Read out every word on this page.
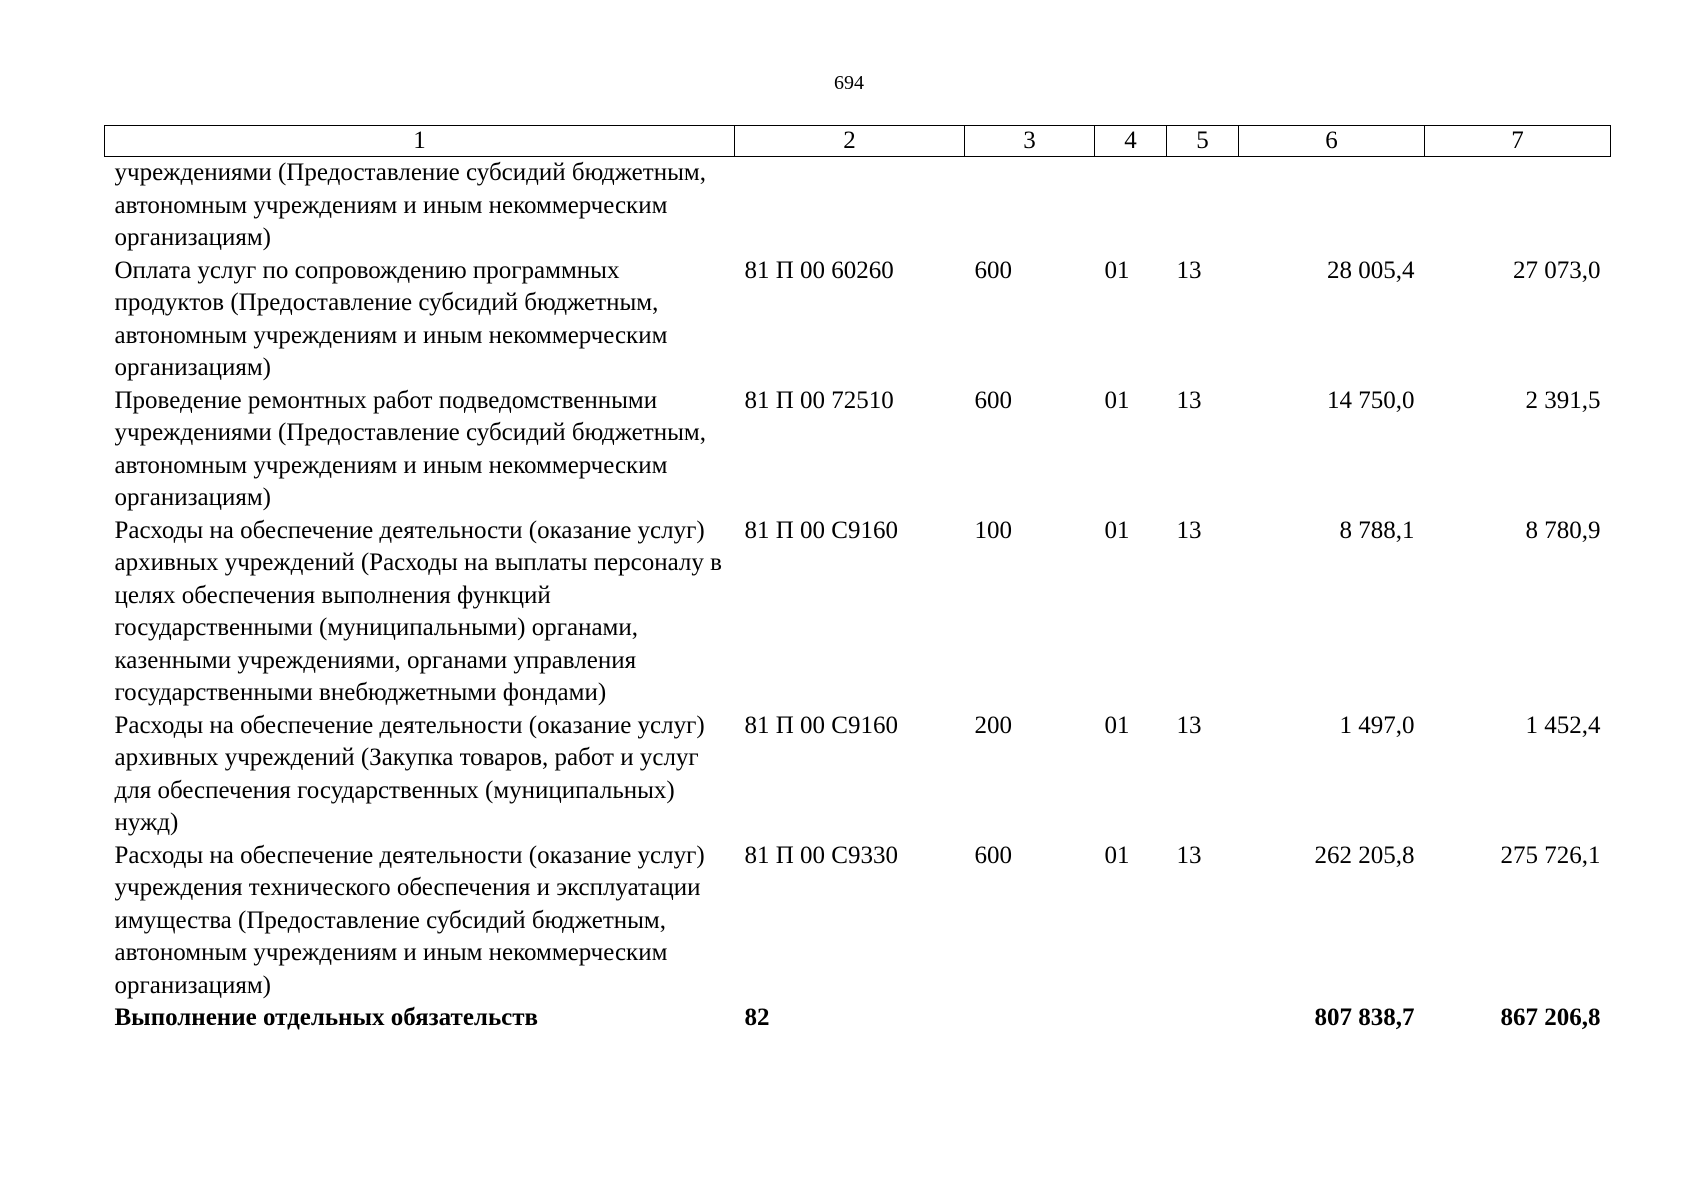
694
1	2	3	4	5	6	7
учреждениями (Предоставление субсидий бюджетным, автономным учреждениям и иным некоммерческим организациям)						
Оплата услуг по сопровождению программных продуктов (Предоставление субсидий бюджетным, автономным учреждениям и иным некоммерческим организациям)	81 П 00 60260	600	01	13	28 005,4	27 073,0
Проведение ремонтных работ подведомственными учреждениями (Предоставление субсидий бюджетным, автономным учреждениям и иным некоммерческим организациям)	81 П 00 72510	600	01	13	14 750,0	2 391,5
Расходы на обеспечение деятельности (оказание услуг) архивных учреждений (Расходы на выплаты персоналу в целях обеспечения выполнения функций государственными (муниципальными) органами, казенными учреждениями, органами управления государственными внебюджетными фондами)	81 П 00 С9160	100	01	13	8 788,1	8 780,9
Расходы на обеспечение деятельности (оказание услуг) архивных учреждений (Закупка товаров, работ и услуг для обеспечения государственных (муниципальных) нужд)	81 П 00 С9160	200	01	13	1 497,0	1 452,4
Расходы на обеспечение деятельности (оказание услуг) учреждения технического обеспечения и эксплуатации имущества (Предоставление субсидий бюджетным, автономным учреждениям и иным некоммерческим организациям)	81 П 00 С9330	600	01	13	262 205,8	275 726,1
Выполнение отдельных обязательств	82				807 838,7	867 206,8
